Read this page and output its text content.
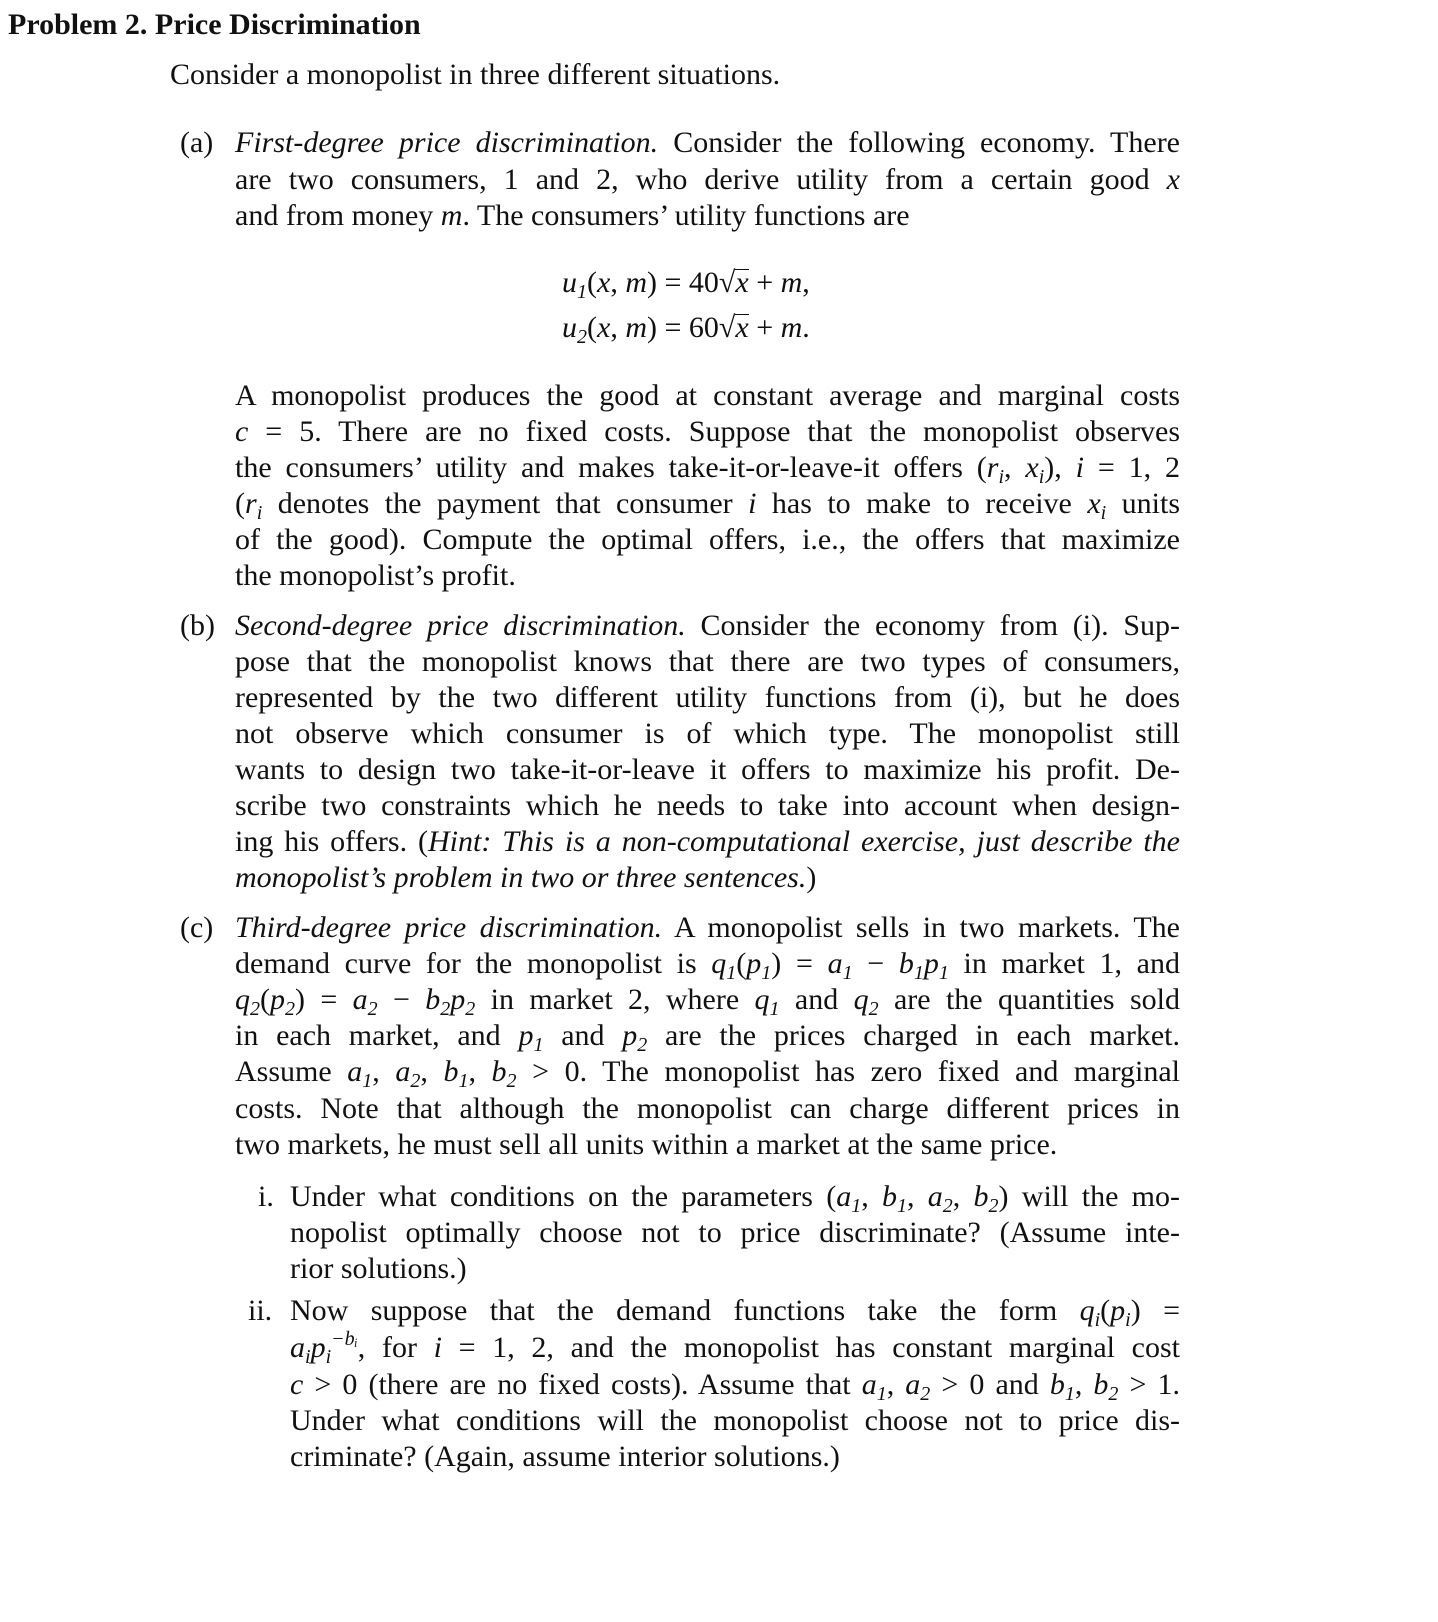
Problem 2. Price Discrimination
Consider a monopolist in three different situations.
(a)
(b)
(c)
i.
ii.
First-degree price discrimination. Consider the following economy. There
are two consumers, 1 and 2, who derive utility from a certain good x
and from money m. The consumers’ utility functions are
$u_1(x$, m) = 40√x + m,
$u_2(x$, m) = 60√x + m.
A monopolist produces the good at constant average and marginal costs
c = 5. There are no fixed costs. Suppose that the monopolist observes
the consumers’ utility and makes take-it-or-leave-it offers ($r_i$, $x_i$), i = 1, 2
($r_i$ denotes the payment that consumer i has to make to receive $x_i$ units
of the good). Compute the optimal offers, i.e., the offers that maximize
the monopolist’s profit.
Second-degree price discrimination. Consider the economy from (i). Sup-
pose that the monopolist knows that there are two types of consumers,
represented by the two different utility functions from (i), but he does
not observe which consumer is of which type. The monopolist still
wants to design two take-it-or-leave it offers to maximize his profit. De-
scribe two constraints which he needs to take into account when design-
ing his offers. (Hint: This is a non-computational exercise, just describe the
monopolist’s problem in two or three sentences.)
Third-degree price discrimination. A monopolist sells in two markets. The
demand curve for the monopolist is $q_1(p_1) = a_1 - b_1p_1$ in market 1, and
$q_2(p_2) = a_2 - b_2p_2$ in market 2, where $q_1$ and $q_2$ are the quantities sold
in each market, and $p_1$ and $p_2$ are the prices charged in each market.
Assume $a_1$, $a_2$, $b_1$, $b_2 > 0$. The monopolist has zero fixed and marginal
costs. Note that although the monopolist can charge different prices in
two markets, he must sell all units within a market at the same price.
Under what conditions on the parameters ($a_1$, $b_1$, $a_2$, $b_2$) will the mo-
nopolist optimally choose not to price discriminate? (Assume inte-
rior solutions.)
Now suppose that the demand functions take the form $q_i(p_i)$ =
$a_ip_i^{-bᵢ}$, for i = 1, 2, and the monopolist has constant marginal cost
c > 0 (there are no fixed costs). Assume that $a_1$, $a_2 > 0$ and $b_1$, $b_2 > 1$.
Under what conditions will the monopolist choose not to price dis-
criminate? (Again, assume interior solutions.)
